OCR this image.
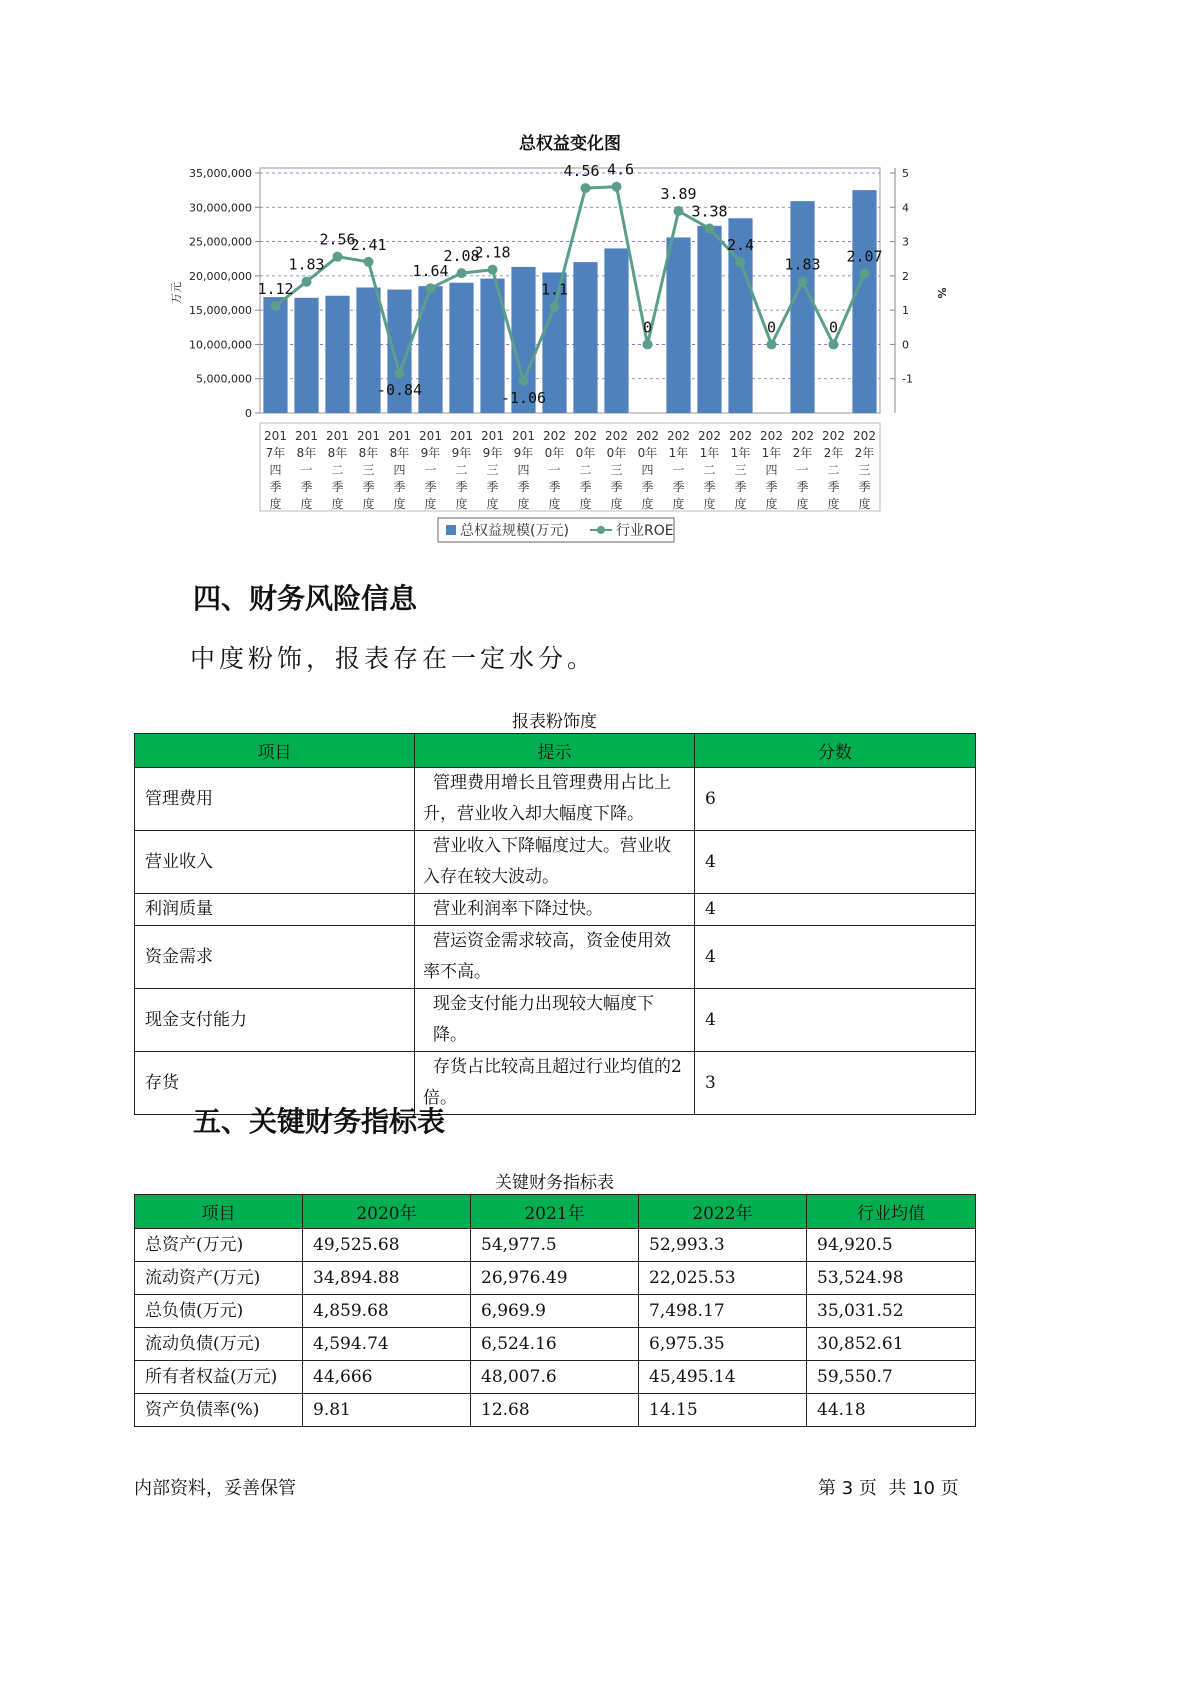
总权益变化图
0
5,000,000
10,000,000
15,000,000
20,000,000
25,000,000
30,000,000
35,000,000
-1
0
1
2
3
4
5
万元	%
201
7年
四
季
度
201
8年
一
季
度
201
8年
二
季
度
201
8年
三
季
度
201
8年
四
季
度
201
9年
一
季
度
201
9年
二
季
度
201
9年
三
季
度
201
9年
四
季
度
202
0年
一
季
度
202
0年
二
季
度
202
0年
三
季
度
202
0年
四
季
度
202
1年
一
季
度
202
1年
二
季
度
202
1年
三
季
度
202
1年
四
季
度
202
2年
一
季
度
202
2年
二
季
度
202
2年
三
季
度
1.12
1.83
2.56
2.41
-0.84
1.64
2.08
2.18
-1.06
1.1
4.56 4.6
0
3.89
3.38
2.4
0
1.83
0
2.07
总权益规模(万元)	行业ROE
四、财务风险信息
中度粉饰，报表存在一定水分。
报表粉饰度
项目	提示	分数
管理费用	管理费用增长且管理费用占比上
升，营业收入却大幅度下降。	6
营业收入	营业收入下降幅度过大。营业收
入存在较大波动。	4
利润质量	营业利润率下降过快。	4
资金需求	营运资金需求较高，资金使用效
率不高。	4
现金支付能力	现金支付能力出现较大幅度下降。	4
存货	存货占比较高且超过行业均值的2
倍。	3
五、关键财务指标表
关键财务指标表
项目	2020年	2021年	2022年	行业均值
总资产(万元)	49,525.68	54,977.5	52,993.3	94,920.5
流动资产(万元)	34,894.88	26,976.49	22,025.53	53,524.98
总负债(万元)	4,859.68	6,969.9	7,498.17	35,031.52
流动负债(万元)	4,594.74	6,524.16	6,975.35	30,852.61
所有者权益(万元)	44,666	48,007.6	45,495.14	59,550.7
资产负债率(%)	9.81	12.68	14.15	44.18
内部资料，妥善保管	第 3 页  共 10 页
